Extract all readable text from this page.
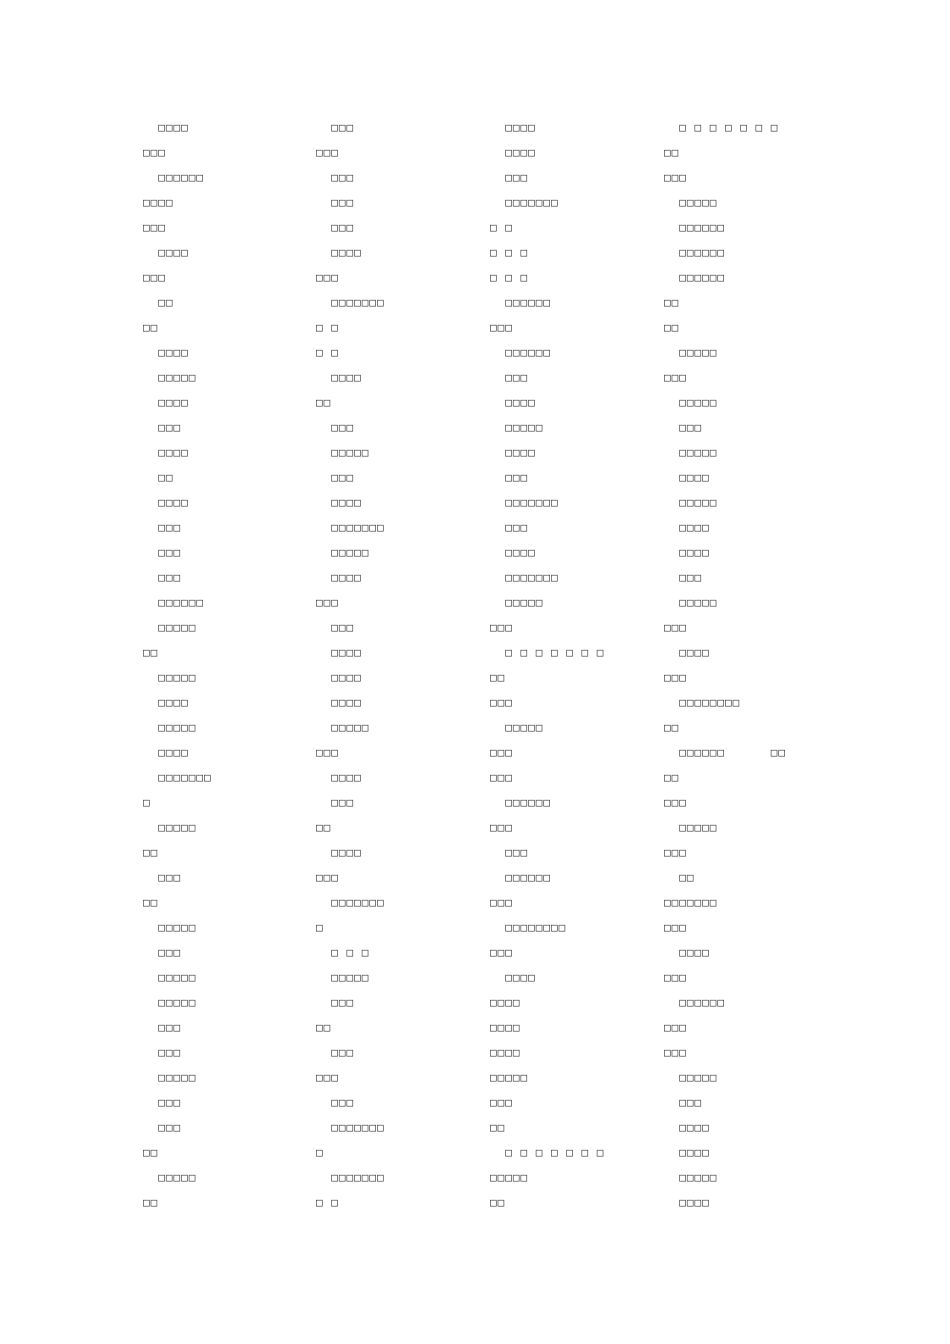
□□□□
□□□
□□□□□□
□□□□
□□□
□□□□
□□□
□□
□□
□□□□
□□□□□
□□□□
□□□
□□□□
□□
□□□□
□□□
□□□
□□□
□□□□□□
□□□□□
□□
□□□□□
□□□□
□□□□□
□□□□
□□□□□□□
□
□□□□□
□□
□□□
□□
□□□□□
□□□
□□□□□
□□□□□
□□□
□□□
□□□□□
□□□
□□□
□□
□□□□□
□□
□□□
□□□
□□□
□□□
□□□
□□□□
□□□
□□□□□□□
□ □
□ □
□□□□
□□
□□□
□□□□□
□□□
□□□□
□□□□□□□
□□□□□
□□□□
□□□
□□□
□□□□
□□□□
□□□□
□□□□□
□□□
□□□□
□□□
□□
□□□□
□□□
□□□□□□□
□
□ □ □
□□□□□
□□□
□□
□□□
□□□
□□□
□□□□□□□
□
□□□□□□□
□ □
□□□□
□□□□
□□□
□□□□□□□
□ □
□ □ □
□ □ □
□□□□□□
□□□
□□□□□□
□□□
□□□□
□□□□□
□□□□
□□□
□□□□□□□
□□□
□□□□
□□□□□□□
□□□□□
□□□
□ □ □ □ □ □ □
□□
□□□
□□□□□
□□□
□□□
□□□□□□
□□□
□□□
□□□□□□
□□□
□□□□□□□□
□□□
□□□□
□□□□
□□□□
□□□□
□□□□□
□□□
□□
□ □ □ □ □ □ □
□□□□□
□□
□ □ □ □ □ □ □
□□
□□□
□□□□□
□□□□□□
□□□□□□
□□□□□□
□□
□□
□□□□□
□□□
□□□□□
□□□
□□□□□
□□□□
□□□□□
□□□□
□□□□
□□□
□□□□□
□□□
□□□□
□□□
□□□□□□□□
□□
□□□□□□      □□
□□
□□□
□□□□□
□□□
□□
□□□□□□□
□□□
□□□□
□□□
□□□□□□
□□□
□□□
□□□□□
□□□
□□□□
□□□□
□□□□□
□□□□
